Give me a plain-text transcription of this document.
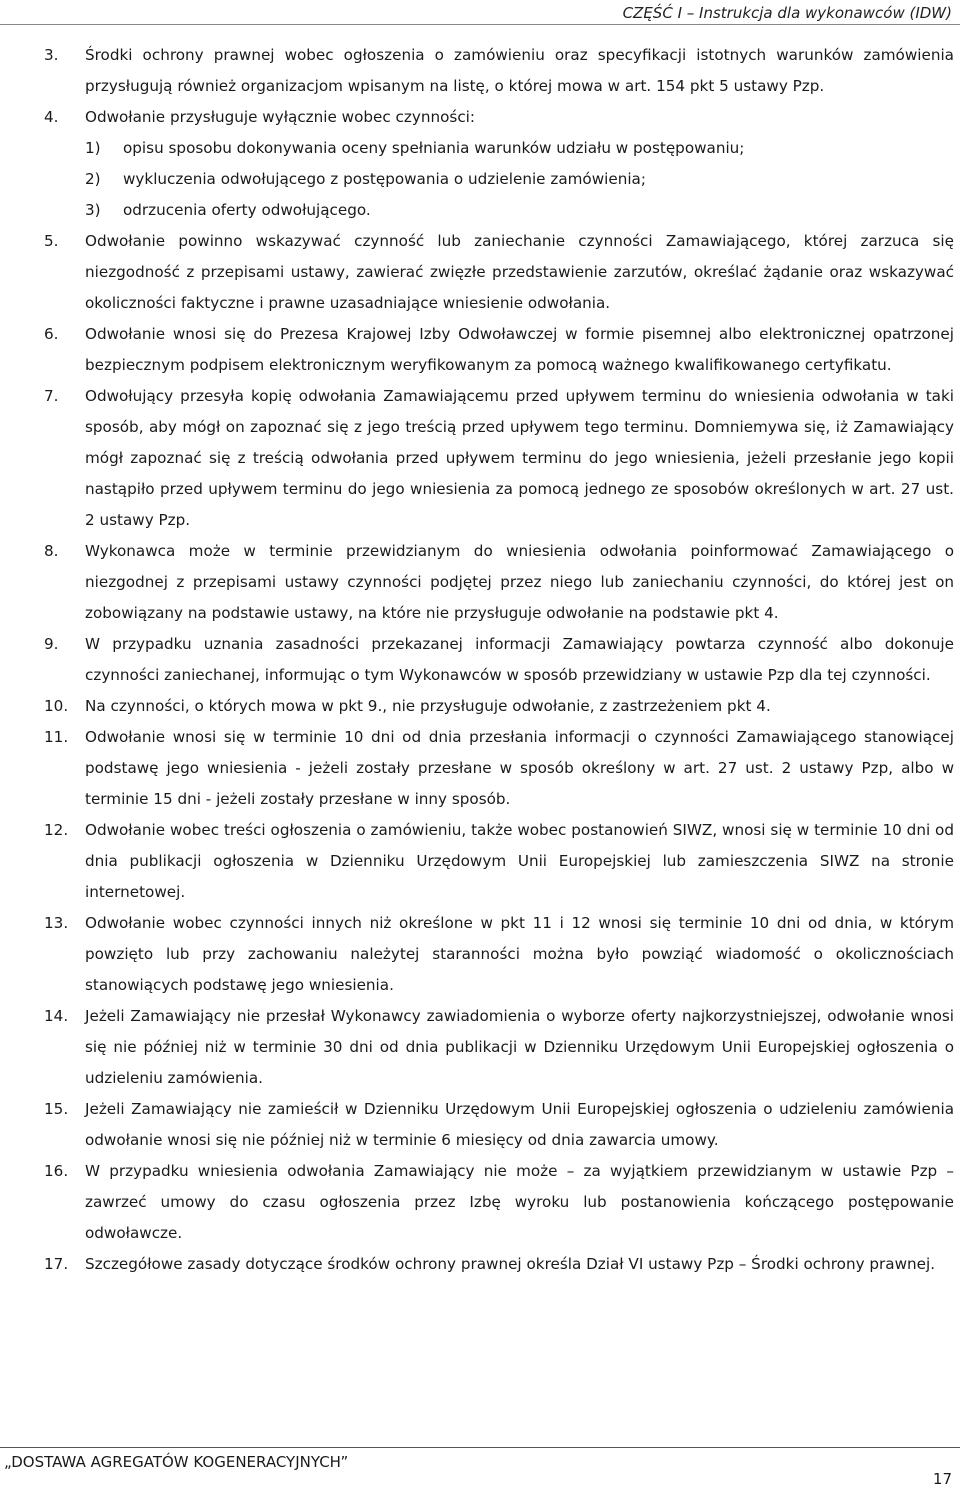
CZĘŚĆ I – Instrukcja dla wykonawców (IDW)
3.	Środki ochrony prawnej wobec ogłoszenia o zamówieniu oraz specyfikacji istotnych warunków zamówienia przysługują również organizacjom wpisanym na listę, o której mowa w art. 154 pkt 5 ustawy Pzp.
4.	Odwołanie przysługuje wyłącznie wobec czynności:
1)	opisu sposobu dokonywania oceny spełniania warunków udziału w postępowaniu;
2)	wykluczenia odwołującego z postępowania o udzielenie zamówienia;
3)	odrzucenia oferty odwołującego.
5.	Odwołanie powinno wskazywać czynność lub zaniechanie czynności Zamawiającego, której zarzuca się niezgodność z przepisami ustawy, zawierać zwięzłe przedstawienie zarzutów, określać żądanie oraz wskazywać okoliczności faktyczne i prawne uzasadniające wniesienie odwołania.
6.	Odwołanie wnosi się do Prezesa Krajowej Izby Odwoławczej w formie pisemnej albo elektronicznej opatrzonej bezpiecznym podpisem elektronicznym weryfikowanym za pomocą ważnego kwalifikowanego certyfikatu.
7.	Odwołujący przesyła kopię odwołania Zamawiającemu przed upływem terminu do wniesienia odwołania w taki sposób, aby mógł on zapoznać się z jego treścią przed upływem tego terminu. Domniemywa się, iż Zamawiający mógł zapoznać się z treścią odwołania przed upływem terminu do jego wniesienia, jeżeli przesłanie jego kopii nastąpiło przed upływem terminu do jego wniesienia za pomocą jednego ze sposobów określonych w art. 27 ust. 2 ustawy Pzp.
8.	Wykonawca może w terminie przewidzianym do wniesienia odwołania poinformować Zamawiającego o niezgodnej z przepisami ustawy czynności podjętej przez niego lub zaniechaniu czynności, do której jest on zobowiązany na podstawie ustawy, na które nie przysługuje odwołanie na podstawie pkt 4.
9.	W przypadku uznania zasadności przekazanej informacji Zamawiający powtarza czynność albo dokonuje czynności zaniechanej, informując o tym Wykonawców w sposób przewidziany w ustawie Pzp dla tej czynności.
10.	Na czynności, o których mowa w pkt 9., nie przysługuje odwołanie, z zastrzeżeniem pkt 4.
11.	Odwołanie wnosi się w terminie 10 dni od dnia przesłania informacji o czynności Zamawiającego stanowiącej podstawę jego wniesienia - jeżeli zostały przesłane w sposób określony w art. 27 ust. 2 ustawy Pzp, albo w terminie 15 dni - jeżeli zostały przesłane w inny sposób.
12.	Odwołanie wobec treści ogłoszenia o zamówieniu, także wobec postanowień SIWZ, wnosi się w terminie 10 dni od dnia publikacji ogłoszenia w Dzienniku Urzędowym Unii Europejskiej lub zamieszczenia SIWZ na stronie internetowej.
13.	Odwołanie wobec czynności innych niż określone w pkt 11 i 12 wnosi się terminie 10 dni od dnia, w którym powzięto lub przy zachowaniu należytej staranności można było powziąć wiadomość o okolicznościach stanowiących podstawę jego wniesienia.
14.	Jeżeli Zamawiający nie przesłał Wykonawcy zawiadomienia o wyborze oferty najkorzystniejszej, odwołanie wnosi się nie później niż w terminie 30 dni od dnia publikacji w Dzienniku Urzędowym Unii Europejskiej ogłoszenia o udzieleniu zamówienia.
15.	Jeżeli Zamawiający nie zamieścił w Dzienniku Urzędowym Unii Europejskiej ogłoszenia o udzieleniu zamówienia odwołanie wnosi się nie później niż w terminie 6 miesięcy od dnia zawarcia umowy.
16.	W przypadku wniesienia odwołania Zamawiający nie może – za wyjątkiem przewidzianym w ustawie Pzp – zawrzeć umowy do czasu ogłoszenia przez Izbę wyroku lub postanowienia kończącego postępowanie odwoławcze.
17.	Szczegółowe zasady dotyczące środków ochrony prawnej określa Dział VI ustawy Pzp – Środki ochrony prawnej.
„DOSTAWA AGREGATÓW KOGENERACYJNYCH”
17
